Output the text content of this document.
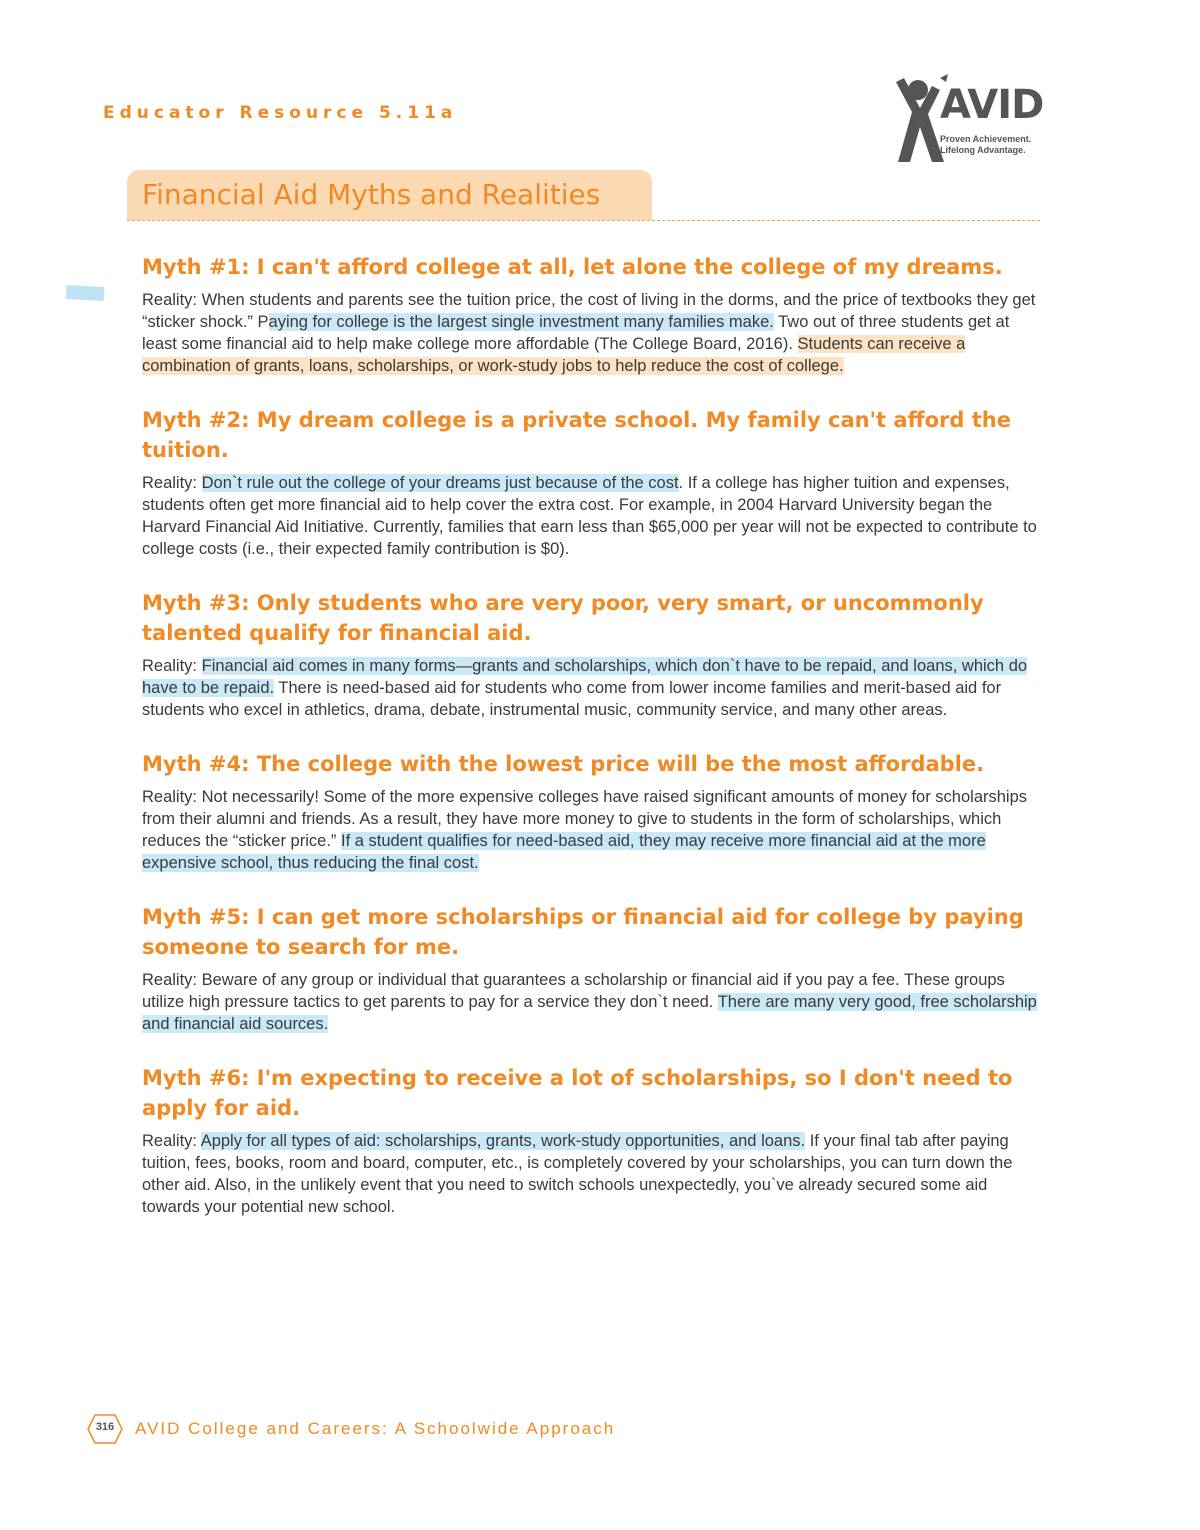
Educator Resource 5.11a	AVID
Proven Achievement.
Lifelong Advantage.
Financial Aid Myths and Realities
Myth #1: I can't afford college at all, let alone the college of my dreams.

Reality: When students and parents see the tuition price, the cost of living in the dorms, and the price of textbooks they get “sticker shock.” Paying for college is the largest single investment many families make. Two out of three students get at least some financial aid to help make college more affordable (The College Board, 2016). Students can receive a combination of grants, loans, scholarships, or work-study jobs to help reduce the cost of college.

Myth #2: My dream college is a private school. My family can't afford the tuition.

Reality: Don`t rule out the college of your dreams just because of the cost. If a college has higher tuition and expenses, students often get more financial aid to help cover the extra cost. For example, in 2004 Harvard University began the Harvard Financial Aid Initiative. Currently, families that earn less than $65,000 per year will not be expected to contribute to college costs (i.e., their expected family contribution is $0).

Myth #3: Only students who are very poor, very smart, or uncommonly talented qualify for financial aid.

Reality: Financial aid comes in many forms—grants and scholarships, which don`t have to be repaid, and loans, which do have to be repaid. There is need-based aid for students who come from lower income families and merit-based aid for students who excel in athletics, drama, debate, instrumental music, community service, and many other areas.

Myth #4: The college with the lowest price will be the most affordable.

Reality: Not necessarily! Some of the more expensive colleges have raised significant amounts of money for scholarships from their alumni and friends. As a result, they have more money to give to students in the form of scholarships, which reduces the “sticker price.” If a student qualifies for need-based aid, they may receive more financial aid at the more expensive school, thus reducing the final cost.

Myth #5: I can get more scholarships or financial aid for college by paying someone to search for me.

Reality: Beware of any group or individual that guarantees a scholarship or financial aid if you pay a fee. These groups utilize high pressure tactics to get parents to pay for a service they don`t need. There are many very good, free scholarship and financial aid sources.

Myth #6: I'm expecting to receive a lot of scholarships, so I don't need to apply for aid.

Reality: Apply for all types of aid: scholarships, grants, work-study opportunities, and loans. If your final tab after paying tuition, fees, books, room and board, computer, etc., is completely covered by your scholarships, you can turn down the other aid. Also, in the unlikely event that you need to switch schools unexpectedly, you`ve already secured some aid towards your potential new school.

316	AVID College and Careers: A Schoolwide Approach
